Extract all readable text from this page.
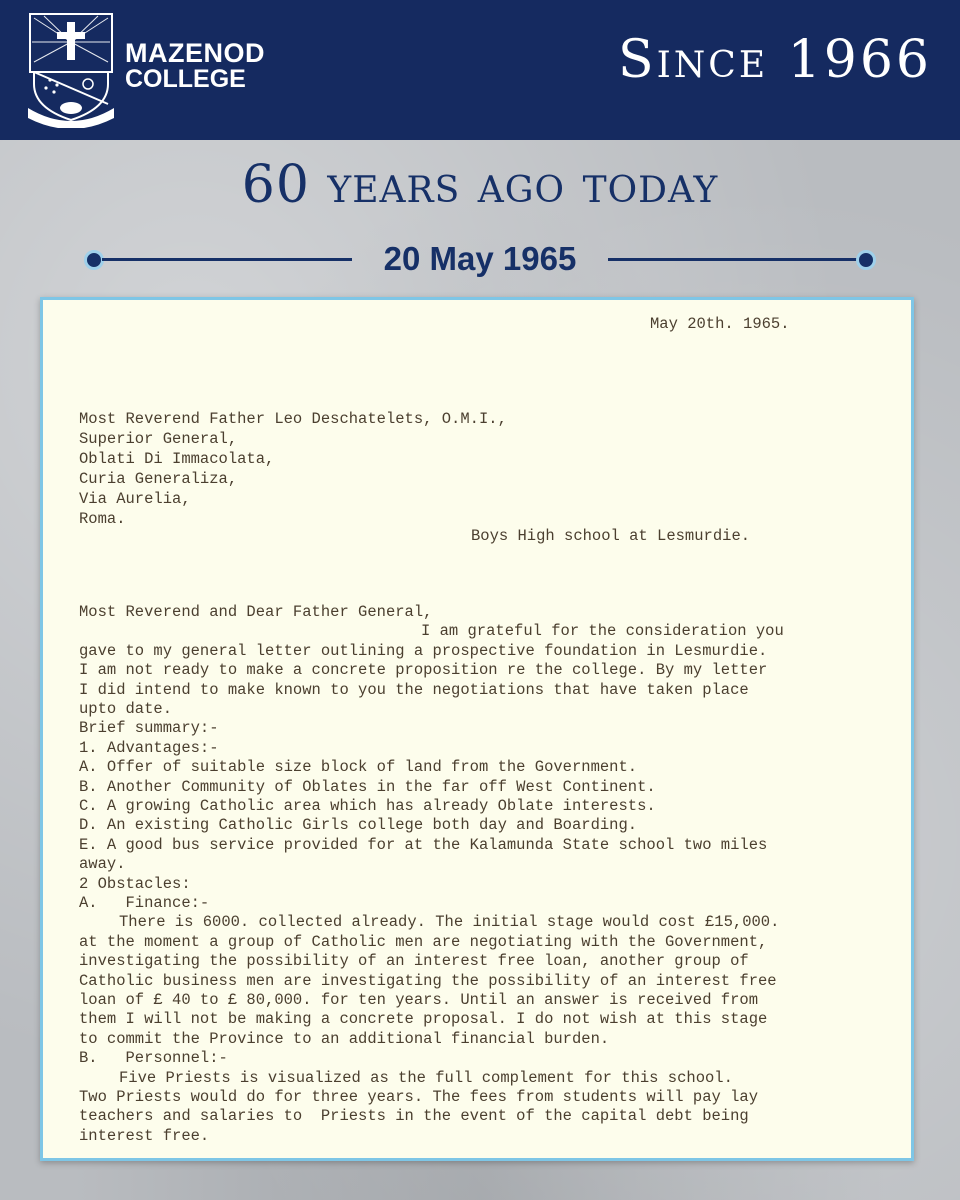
MAZENOD
COLLEGE	Since 1966
60 years ago today
20 May 1965
May 20th. 1965.
Most Reverend Father Leo Deschatelets, O.M.I.,
Superior General,
Oblati Di Immacolata,
Curia Generaliza,
Via Aurelia,
Roma.
Boys High school at Lesmurdie.
Most Reverend and Dear Father General,
I am grateful for the consideration you
gave to my general letter outlining a prospective foundation in Lesmurdie.
I am not ready to make a concrete proposition re the college. By my letter
I did intend to make known to you the negotiations that have taken place
upto date.
Brief summary:-
1. Advantages:-
A. Offer of suitable size block of land from the Government.
B. Another Community of Oblates in the far off West Continent.
C. A growing Catholic area which has already Oblate interests.
D. An existing Catholic Girls college both day and Boarding.
E. A good bus service provided for at the Kalamunda State school two miles
away.
2 Obstacles:
A.   Finance:-
There is 6000. collected already. The initial stage would cost £15,000.
at the moment a group of Catholic men are negotiating with the Government,
investigating the possibility of an interest free loan, another group of
Catholic business men are investigating the possibility of an interest free
loan of £ 40 to £ 80,000. for ten years. Until an answer is received from
them I will not be making a concrete proposal. I do not wish at this stage
to commit the Province to an additional financial burden.
B.   Personnel:-
Five Priests is visualized as the full complement for this school.
Two Priests would do for three years. The fees from students will pay lay
teachers and salaries to  Priests in the event of the capital debt being
interest free.
